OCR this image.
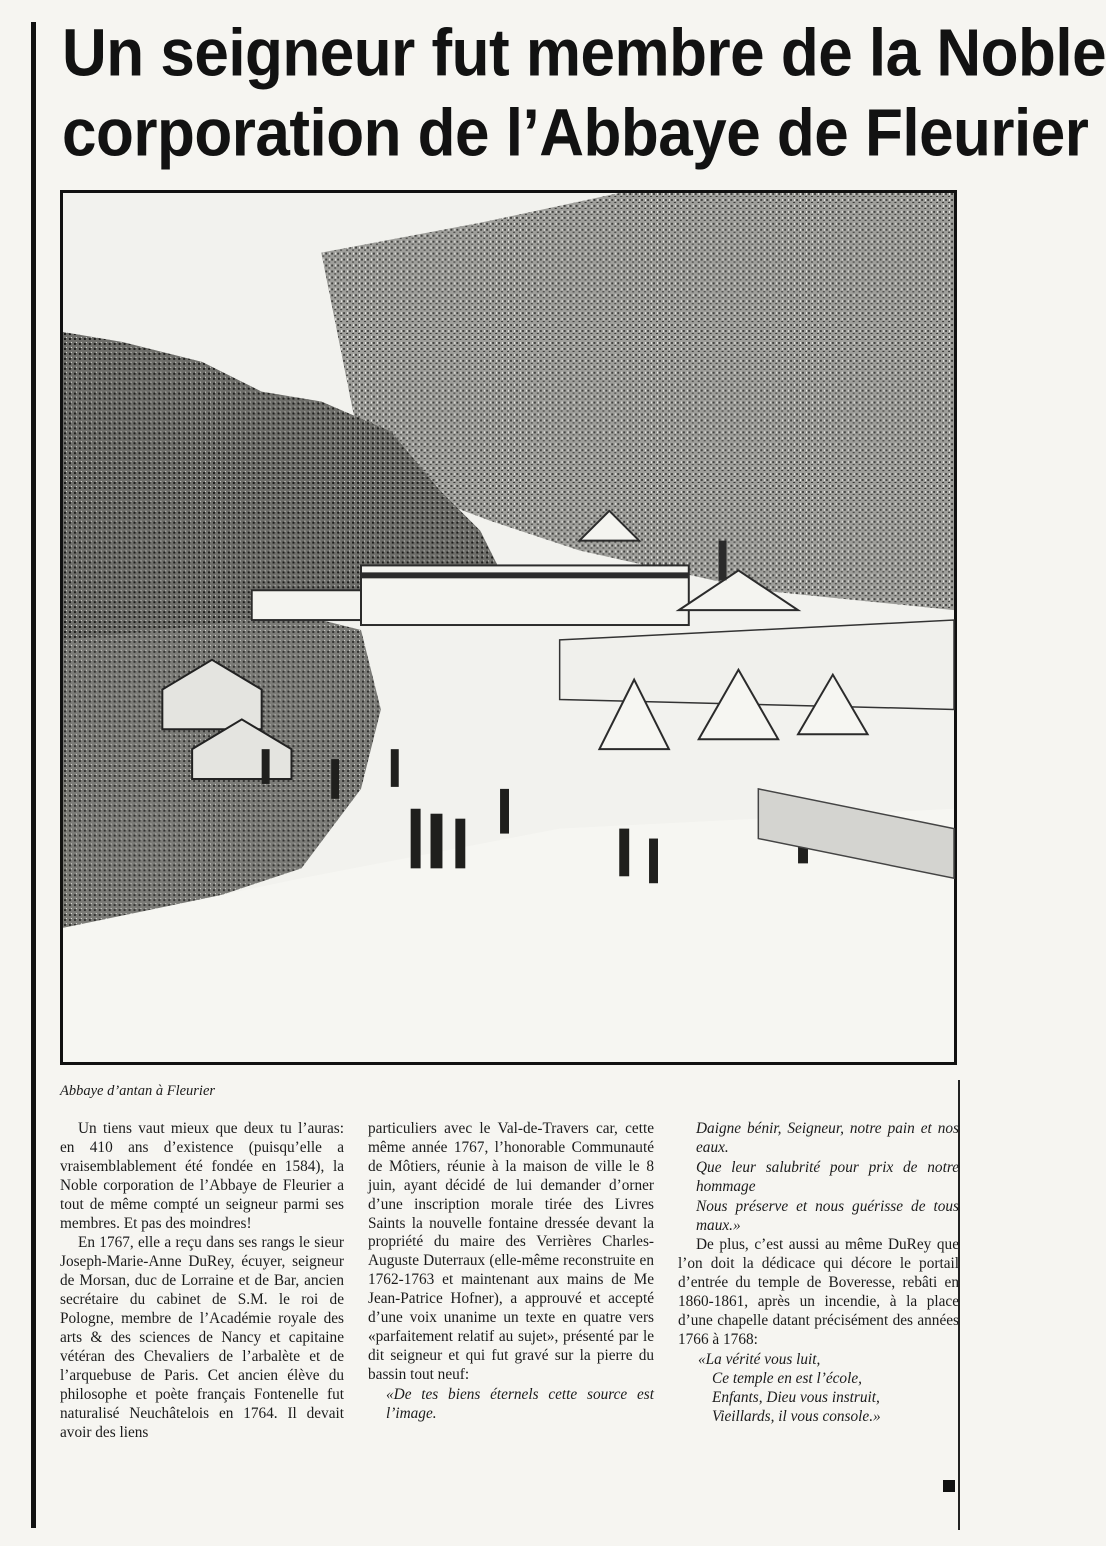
Un seigneur fut membre de la Noble
corporation de l’Abbaye de Fleurier
Abbaye d’antan à Fleurier

Un tiens vaut mieux que deux tu l’auras: en 410 ans d’existence (puisqu’elle a vraisemblablement été fondée en 1584), la Noble corporation de l’Abbaye de Fleurier a tout de même compté un seigneur parmi ses membres. Et pas des moindres!

En 1767, elle a reçu dans ses rangs le sieur Joseph-Marie-Anne DuRey, écuyer, seigneur de Morsan, duc de Lorraine et de Bar, ancien secrétaire du cabinet de S.M. le roi de Pologne, membre de l’Académie royale des arts & des sciences de Nancy et capitaine vétéran des Chevaliers de l’arbalète et de l’arquebuse de Paris. Cet ancien élève du philosophe et poète français Fontenelle fut naturalisé Neuchâtelois en 1764. Il devait avoir des liens

particuliers avec le Val-de-Travers car, cette même année 1767, l’honorable Communauté de Môtiers, réunie à la maison de ville le 8 juin, ayant décidé de lui demander d’orner d’une inscription morale tirée des Livres Saints la nouvelle fontaine dressée devant la propriété du maire des Verrières Charles-Auguste Duterraux (elle-même reconstruite en 1762-1763 et maintenant aux mains de Me Jean-Patrice Hofner), a approuvé et accepté d’une voix unanime un texte en quatre vers «parfaitement relatif au sujet», présenté par le dit seigneur et qui fut gravé sur la pierre du bassin tout neuf:

«De tes biens éternels cette source est l’image.

Daigne bénir, Seigneur, notre pain et nos eaux.

Que leur salubrité pour prix de notre hommage

Nous préserve et nous guérisse de tous maux.»

De plus, c’est aussi au même DuRey que l’on doit la dédicace qui décore le portail d’entrée du temple de Boveresse, rebâti en 1860-1861, après un incendie, à la place d’une chapelle datant précisément des années 1766 à 1768:

«La vérité vous luit,
Ce temple en est l’école,
Enfants, Dieu vous instruit,
Vieillards, il vous console.»
